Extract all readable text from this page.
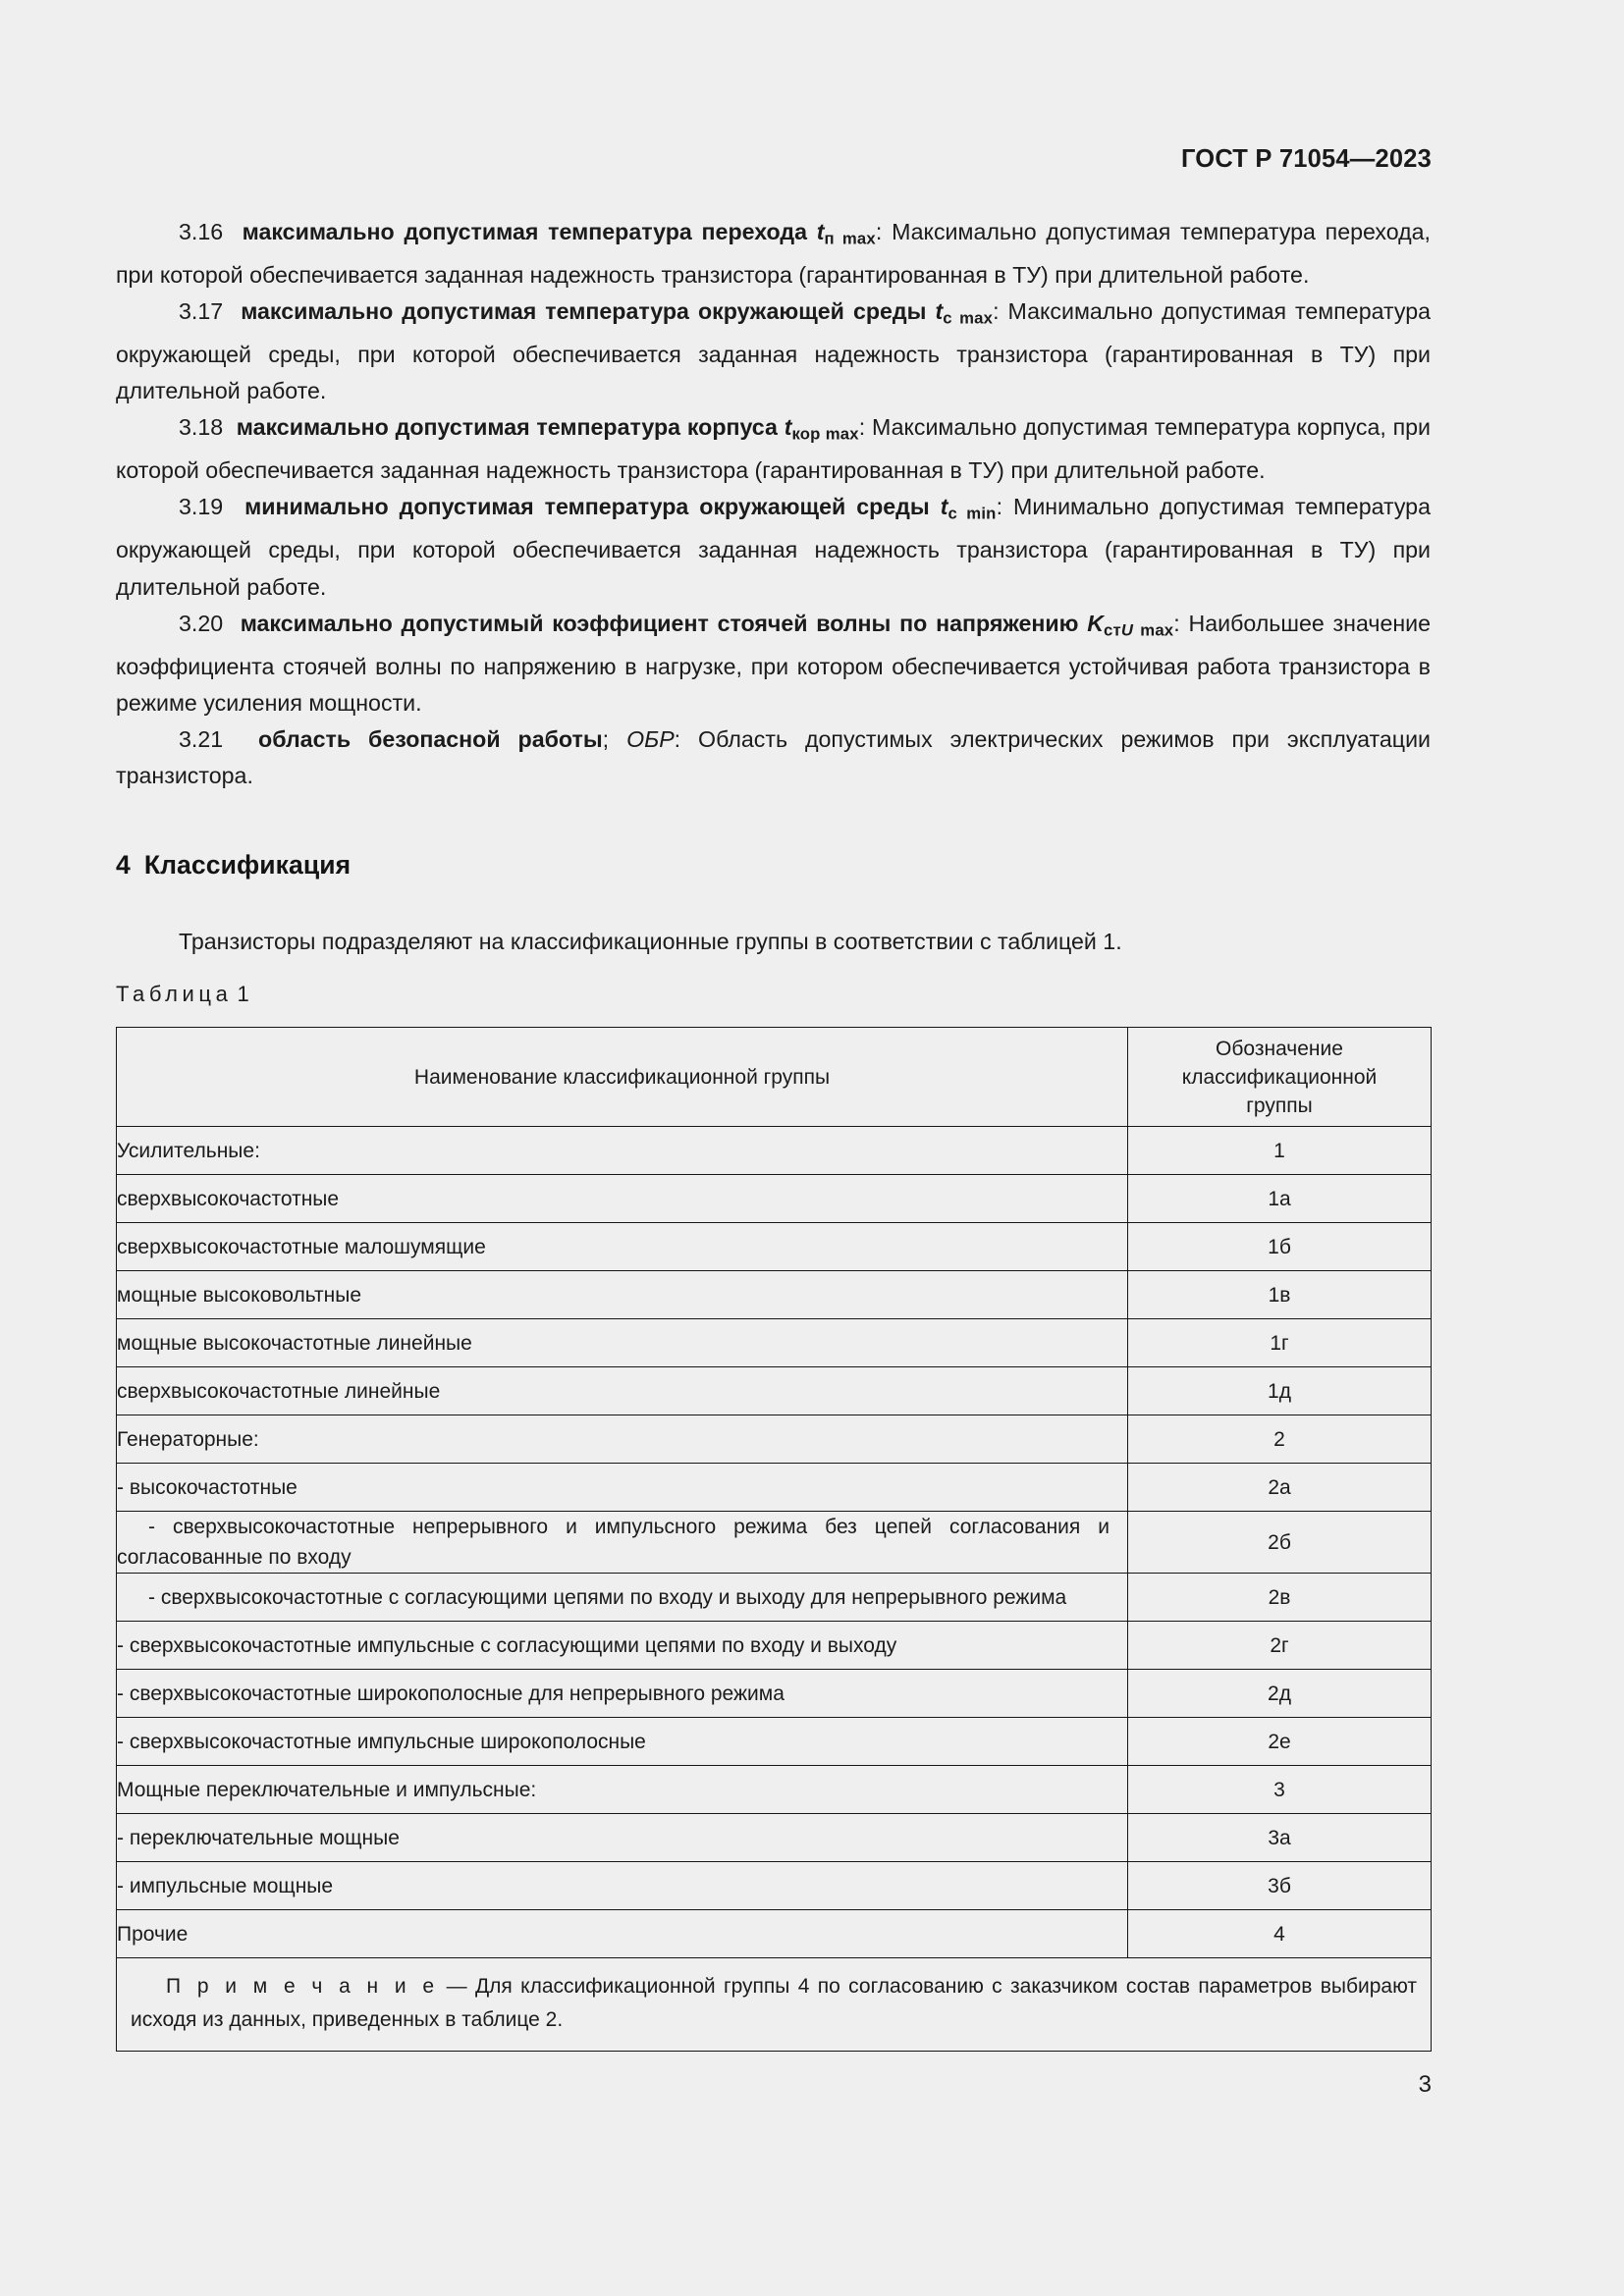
ГОСТ Р 71054—2023

3.16 максимально допустимая температура перехода $t_{п max}$: Максимально допустимая температура перехода, при которой обеспечивается заданная надежность транзистора (гарантированная в ТУ) при длительной работе.

3.17 максимально допустимая температура окружающей среды $t_{c max}$: Максимально допустимая температура окружающей среды, при которой обеспечивается заданная надежность транзистора (гарантированная в ТУ) при длительной работе.

3.18 максимально допустимая температура корпуса $t_{кор max}$: Максимально допустимая температура корпуса, при которой обеспечивается заданная надежность транзистора (гарантированная в ТУ) при длительной работе.

3.19 минимально допустимая температура окружающей среды $t_{c min}$: Минимально допустимая температура окружающей среды, при которой обеспечивается заданная надежность транзистора (гарантированная в ТУ) при длительной работе.

3.20 максимально допустимый коэффициент стоячей волны по напряжению $K_{стU max}$: Наибольшее значение коэффициента стоячей волны по напряжению в нагрузке, при котором обеспечивается устойчивая работа транзистора в режиме усиления мощности.

3.21 область безопасной работы; ОБР: Область допустимых электрических режимов при эксплуатации транзистора.

4 Классификация
Транзисторы подразделяют на классификационные группы в соответствии с таблицей 1.
Таблица 1
Наименование классификационной группы	Обозначение
классификационной
группы
Усилительные:	1
сверхвысокочастотные	1а
сверхвысокочастотные малошумящие	1б
мощные высоковольтные	1в
мощные высокочастотные линейные	1г
сверхвысокочастотные линейные	1д
Генераторные:	2
- высокочастотные	2а

- сверхвысокочастотные непрерывного и импульсного режима без цепей согласования и согласованные по входу	2б

- сверхвысокочастотные с согласующими цепями по входу и выходу для непрерывного режима	2в
- сверхвысокочастотные импульсные с согласующими цепями по входу и выходу	2г
- сверхвысокочастотные широкополосные для непрерывного режима	2д
- сверхвысокочастотные импульсные широкополосные	2е
Мощные переключательные и импульсные:	3
- переключательные мощные	3а
- импульсные мощные	3б
Прочие	4
П р и м е ч а н и е — Для классификационной группы 4 по согласованию с заказчиком состав параметров выбирают исходя из данных, приведенных в таблице 2.	
3
